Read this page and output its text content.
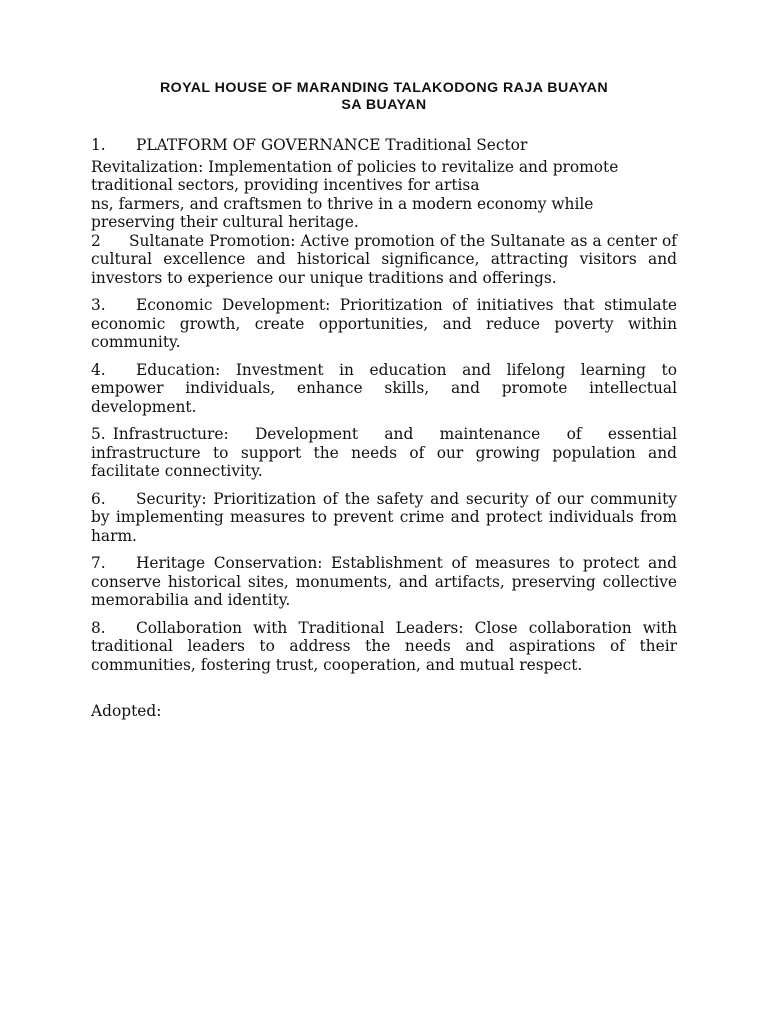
ROYAL HOUSE OF MARANDING TALAKODONG RAJA BUAYAN
SA BUAYAN
1. PLATFORM OF GOVERNANCE Traditional Sector
Revitalization: Implementation of policies to revitalize and promote
traditional sectors, providing incentives for artisa
ns, farmers, and craftsmen to thrive in a modern economy while
preserving their cultural heritage.

2 Sultanate Promotion: Active promotion of the Sultanate as a center of cultural excellence and historical significance, attracting visitors and investors to experience our unique traditions and offerings.

3. Economic Development: Prioritization of initiatives that stimulate economic growth, create opportunities, and reduce poverty within community.

4. Education: Investment in education and lifelong learning to empower individuals, enhance skills, and promote intellectual development.

5. Infrastructure: Development and maintenance of essential infrastructure to support the needs of our growing population and facilitate connectivity.

6. Security: Prioritization of the safety and security of our community by implementing measures to prevent crime and protect individuals from harm.

7. Heritage Conservation: Establishment of measures to protect and conserve historical sites, monuments, and artifacts, preserving collective memorabilia and identity.

8. Collaboration with Traditional Leaders: Close collaboration with traditional leaders to address the needs and aspirations of their communities, fostering trust, cooperation, and mutual respect.

Adopted:
